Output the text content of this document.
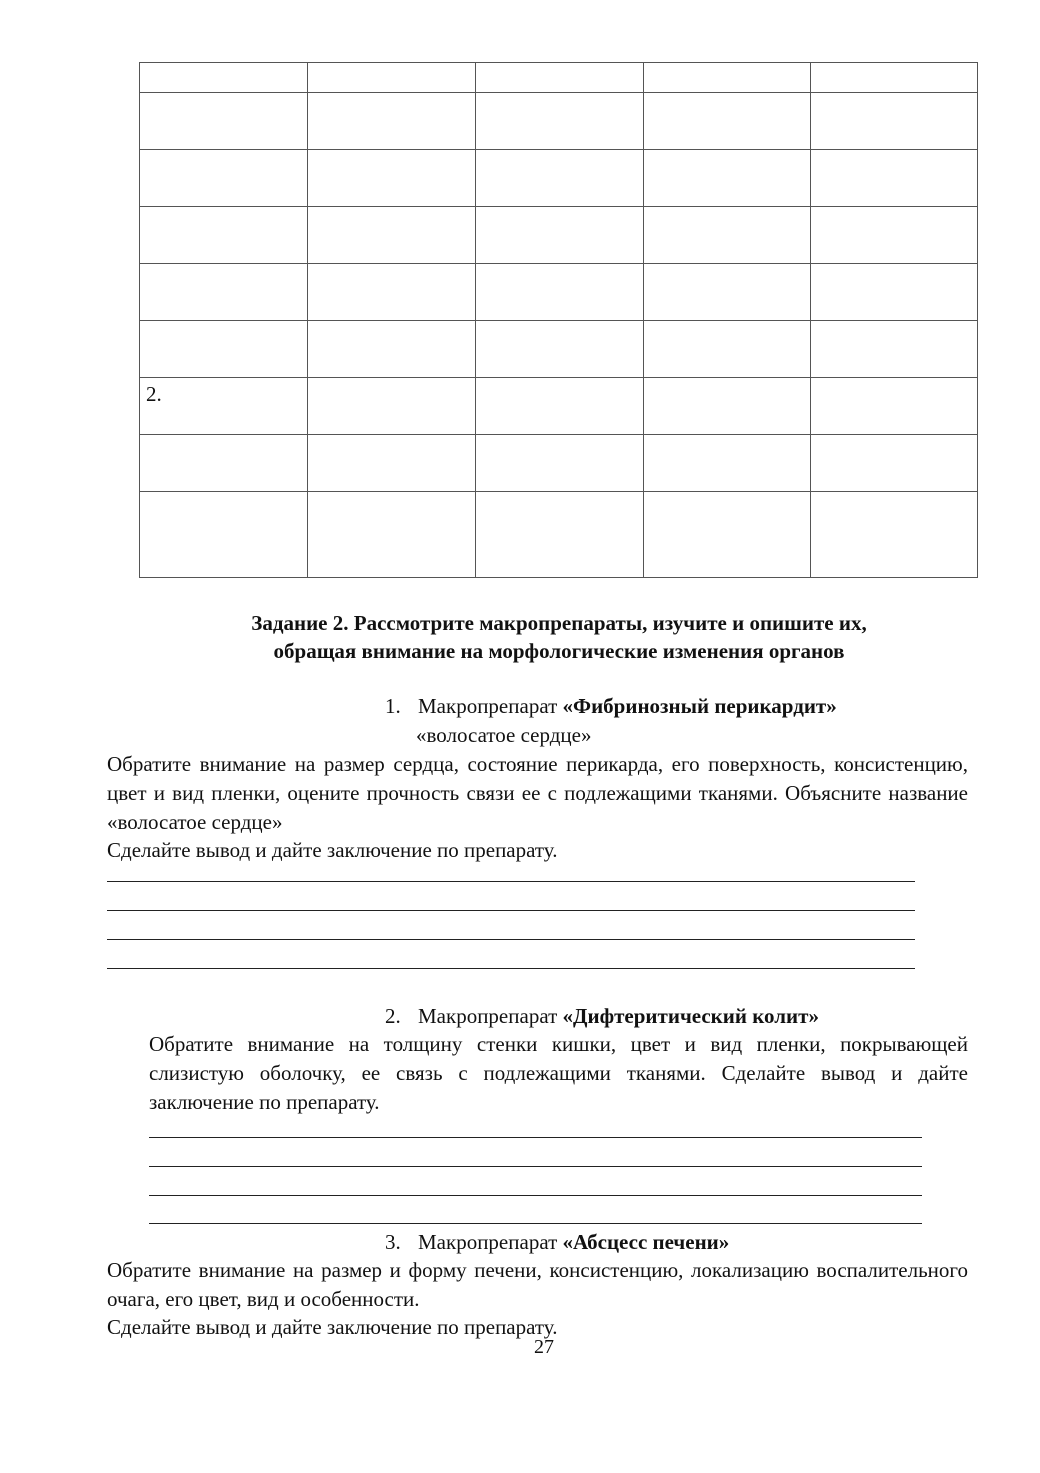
2.				

Задание 2. Рассмотрите макропрепараты, изучите и опишите их,
обращая внимание на морфологические изменения органов
1. Макропрепарат «Фибринозный перикардит»
«волосатое сердце»
Обратите внимание на размер сердца, состояние перикарда, его поверхность, консистенцию, цвет и вид пленки, оцените прочность связи ее с подлежащими тканями. Объясните название «волосатое сердце»
Сделайте вывод и дайте заключение по препарату.
2. Макропрепарат «Дифтеритический колит»
Обратите внимание на толщину стенки кишки, цвет и вид пленки, покрывающей слизистую оболочку, ее связь с подлежащими тканями. Сделайте вывод и дайте заключение по препарату.
3. Макропрепарат «Абсцесс печени»
Обратите внимание на размер и форму печени, консистенцию, локализацию воспалительного очага, его цвет, вид и особенности.
Сделайте вывод и дайте заключение по препарату.
27
